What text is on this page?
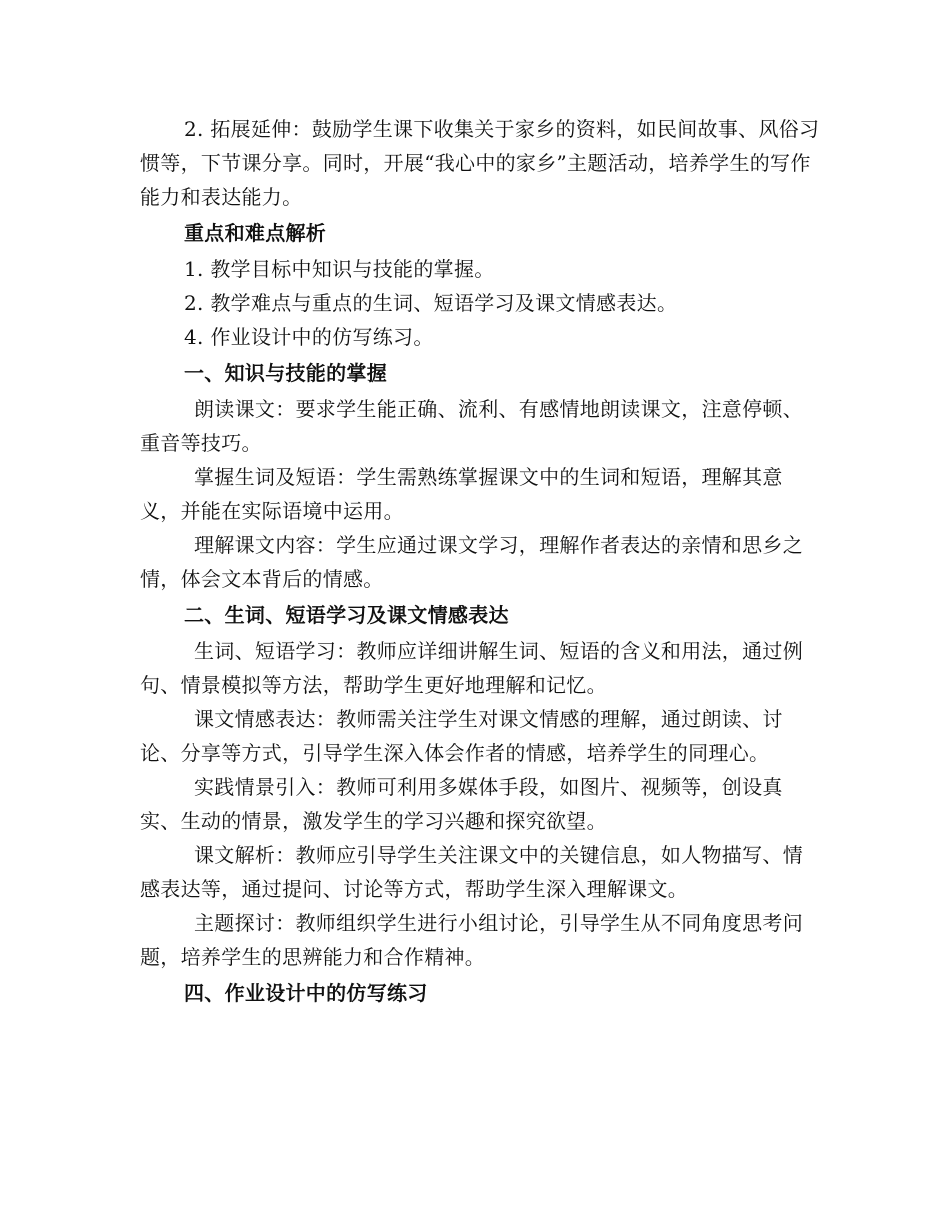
2. 拓展延伸：鼓励学生课下收集关于家乡的资料，如民间故事、风俗习惯等，下节课分享。同时，开展“我心中的家乡”主题活动，培养学生的写作能力和表达能力。

重点和难点解析

1. 教学目标中知识与技能的掌握。

2. 教学难点与重点的生词、短语学习及课文情感表达。

4. 作业设计中的仿写练习。

一、知识与技能的掌握

朗读课文：要求学生能正确、流利、有感情地朗读课文，注意停顿、重音等技巧。

掌握生词及短语：学生需熟练掌握课文中的生词和短语，理解其意义，并能在实际语境中运用。

理解课文内容：学生应通过课文学习，理解作者表达的亲情和思乡之情，体会文本背后的情感。

二、生词、短语学习及课文情感表达

生词、短语学习：教师应详细讲解生词、短语的含义和用法，通过例句、情景模拟等方法，帮助学生更好地理解和记忆。

课文情感表达：教师需关注学生对课文情感的理解，通过朗读、讨论、分享等方式，引导学生深入体会作者的情感，培养学生的同理心。

实践情景引入：教师可利用多媒体手段，如图片、视频等，创设真实、生动的情景，激发学生的学习兴趣和探究欲望。

课文解析：教师应引导学生关注课文中的关键信息，如人物描写、情感表达等，通过提问、讨论等方式，帮助学生深入理解课文。

主题探讨：教师组织学生进行小组讨论，引导学生从不同角度思考问题，培养学生的思辨能力和合作精神。

四、作业设计中的仿写练习
